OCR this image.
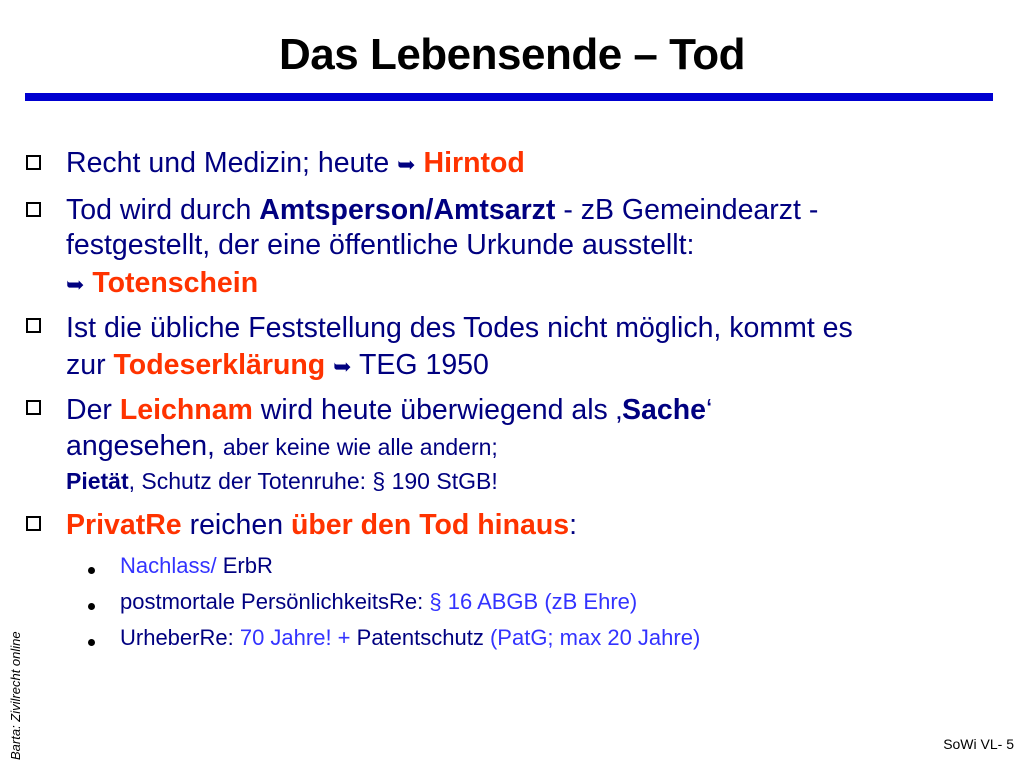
Das Lebensende – Tod
Recht und Medizin; heute ➥ Hirntod
Tod wird durch Amtsperson/Amtsarzt - zB Gemeindearzt -
festgestellt, der eine öffentliche Urkunde ausstellt:
➥ Totenschein
Ist die übliche Feststellung des Todes nicht möglich, kommt es
zur Todeserklärung ➥ TEG 1950
Der Leichnam wird heute überwiegend als ‚Sache‘
angesehen, aber keine wie alle andern;
Pietät, Schutz der Totenruhe: § 190 StGB!
PrivatRe reichen über den Tod hinaus:
Nachlass/ ErbR
postmortale PersönlichkeitsRe: § 16 ABGB (zB Ehre)
UrheberRe: 70 Jahre! + Patentschutz (PatG; max 20 Jahre)
Barta: Zivilrecht online	SoWi VL- 5
